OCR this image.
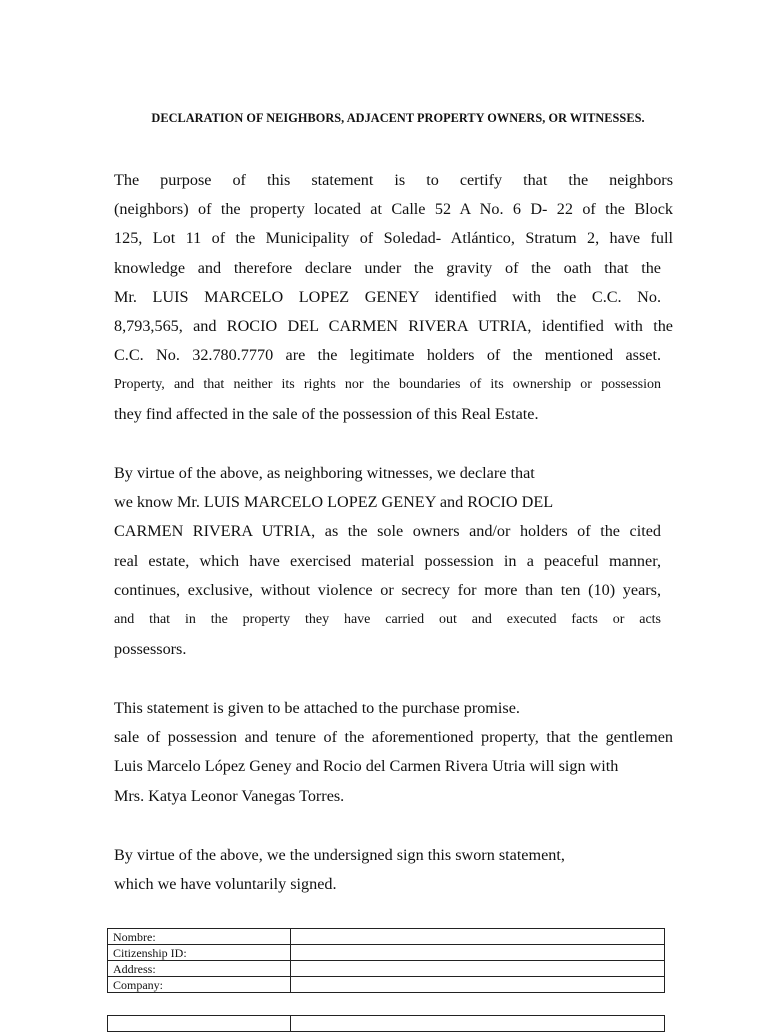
DECLARATION OF NEIGHBORS, ADJACENT PROPERTY OWNERS, OR WITNESSES.
The purpose of this statement is to certify that the neighbors
(neighbors) of the property located at Calle 52 A No. 6 D- 22 of the Block
125, Lot 11 of the Municipality of Soledad- Atlántico, Stratum 2, have full
knowledge and therefore declare under the gravity of the oath that the
Mr. LUIS MARCELO LOPEZ GENEY identified with the C.C. No.
8,793,565, and ROCIO DEL CARMEN RIVERA UTRIA, identified with the
C.C. No. 32.780.7770 are the legitimate holders of the mentioned asset.
Property, and that neither its rights nor the boundaries of its ownership or possession
they find affected in the sale of the possession of this Real Estate.
By virtue of the above, as neighboring witnesses, we declare that
we know Mr. LUIS MARCELO LOPEZ GENEY and ROCIO DEL
CARMEN RIVERA UTRIA, as the sole owners and/or holders of the cited
real estate, which have exercised material possession in a peaceful manner,
continues, exclusive, without violence or secrecy for more than ten (10) years,
and that in the property they have carried out and executed facts or acts
possessors.
This statement is given to be attached to the purchase promise.
sale of possession and tenure of the aforementioned property, that the gentlemen
Luis Marcelo López Geney and Rocio del Carmen Rivera Utria will sign with
Mrs. Katya Leonor Vanegas Torres.
By virtue of the above, we the undersigned sign this sworn statement,
which we have voluntarily signed.
Nombre:	
Citizenship ID:	
Address:	
Company:	
